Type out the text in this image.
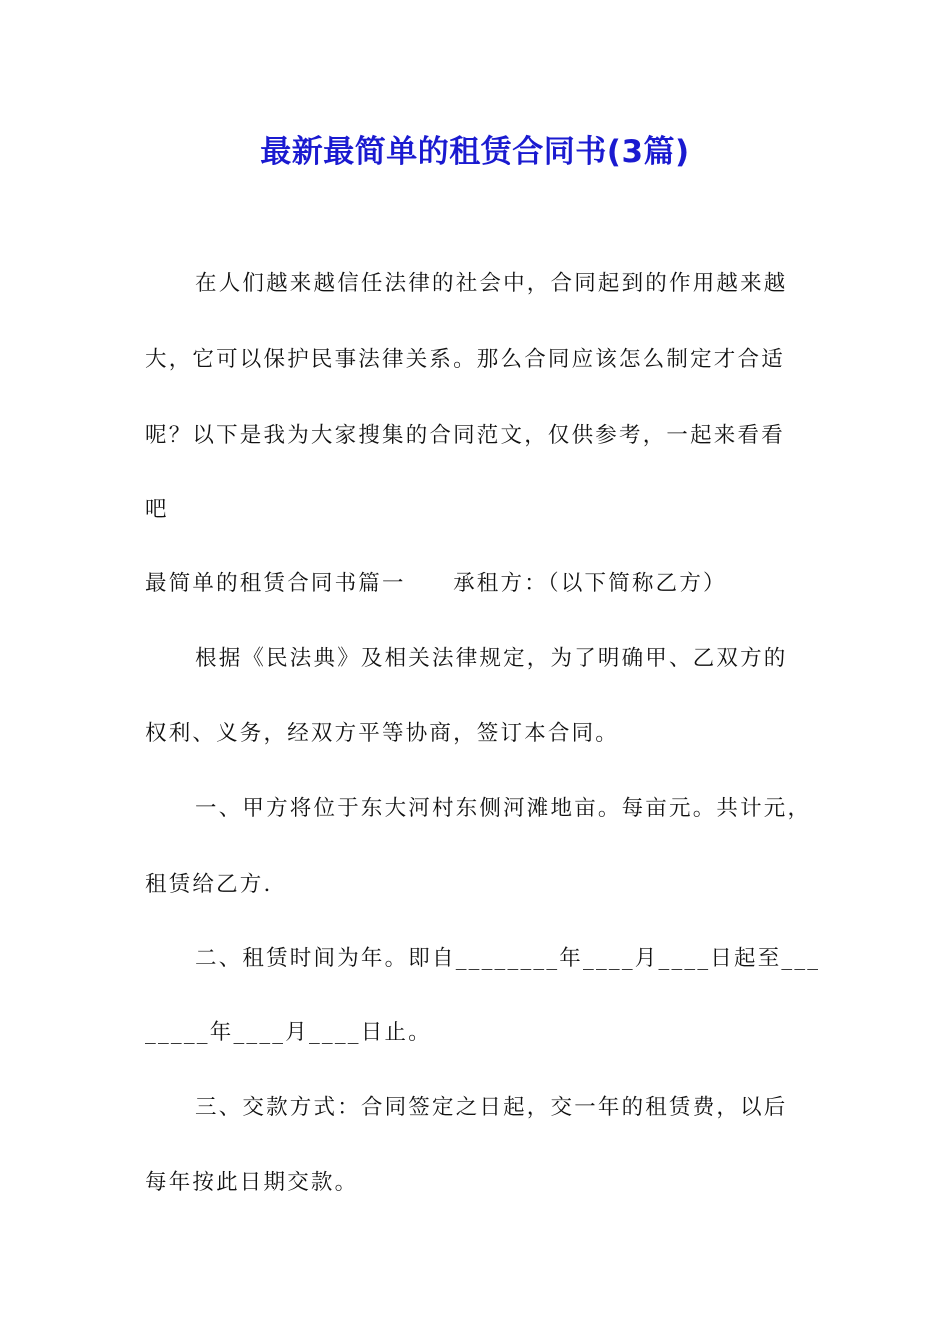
最新最简单的租赁合同书(3篇)
在人们越来越信任法律的社会中，合同起到的作用越来越
大，它可以保护民事法律关系。那么合同应该怎么制定才合适
呢？以下是我为大家搜集的合同范文，仅供参考，一起来看看
吧
最简单的租赁合同书篇一　　承租方：（以下简称乙方）
根据《民法典》及相关法律规定，为了明确甲、乙双方的
权利、义务，经双方平等协商，签订本合同。
一、甲方将位于东大河村东侧河滩地亩。每亩元。共计元，
租赁给乙方.
二、租赁时间为年。即自________年____月____日起至___
_____年____月____日止。
三、交款方式：合同签定之日起，交一年的租赁费，以后
每年按此日期交款。
